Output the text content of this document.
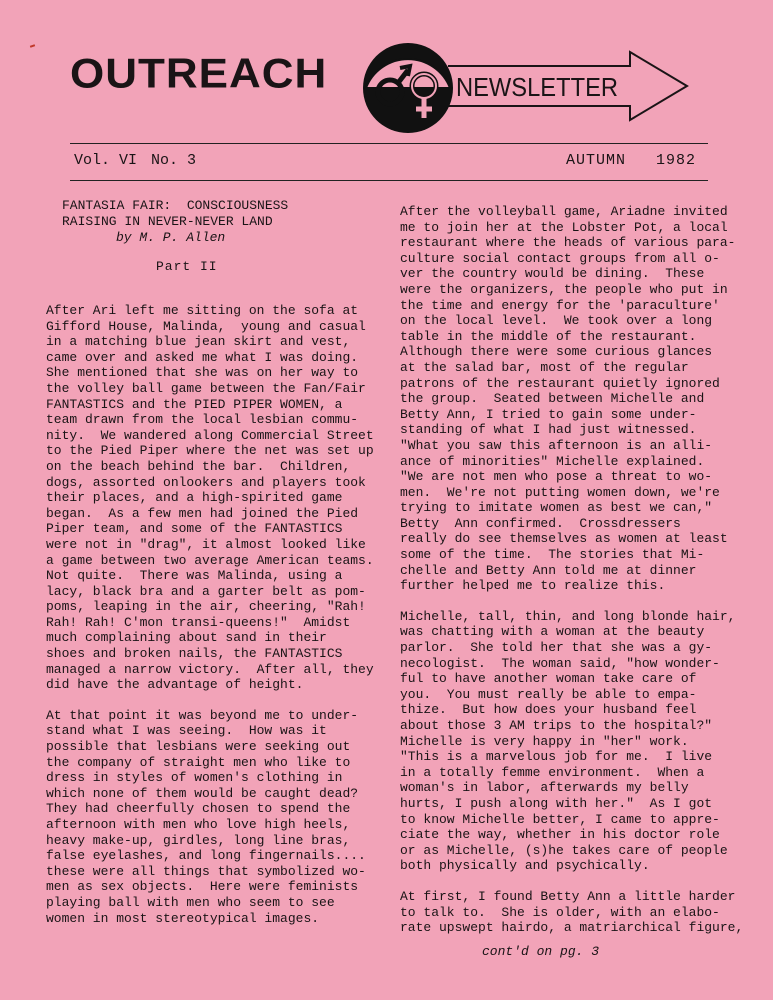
OUTREACH	NEWSLETTER
Vol. VI No. 3	AUTUMN 1982
FANTASIA FAIR:  CONSCIOUSNESS
RAISING IN NEVER-NEVER LAND
by M. P. Allen
Part II
After Ari left me sitting on the sofa at
Gifford House, Malinda,  young and casual
in a matching blue jean skirt and vest,
came over and asked me what I was doing.
She mentioned that she was on her way to
the volley ball game between the Fan/Fair
FANTASTICS and the PIED PIPER WOMEN, a
team drawn from the local lesbian commu-
nity.  We wandered along Commercial Street
to the Pied Piper where the net was set up
on the beach behind the bar.  Children,
dogs, assorted onlookers and players took
their places, and a high-spirited game
began.  As a few men had joined the Pied
Piper team, and some of the FANTASTICS
were not in "drag", it almost looked like
a game between two average American teams.
Not quite.  There was Malinda, using a
lacy, black bra and a garter belt as pom-
poms, leaping in the air, cheering, "Rah!
Rah! Rah! C'mon transi-queens!"  Amidst
much complaining about sand in their
shoes and broken nails, the FANTASTICS
managed a narrow victory.  After all, they
did have the advantage of height.
At that point it was beyond me to under-
stand what I was seeing.  How was it
possible that lesbians were seeking out
the company of straight men who like to
dress in styles of women's clothing in
which none of them would be caught dead?
They had cheerfully chosen to spend the
afternoon with men who love high heels,
heavy make-up, girdles, long line bras,
false eyelashes, and long fingernails....
these were all things that symbolized wo-
men as sex objects.  Here were feminists
playing ball with men who seem to see
women in most stereotypical images.
After the volleyball game, Ariadne invited
me to join her at the Lobster Pot, a local
restaurant where the heads of various para-
culture social contact groups from all o-
ver the country would be dining.  These
were the organizers, the people who put in
the time and energy for the 'paraculture'
on the local level.  We took over a long
table in the middle of the restaurant.
Although there were some curious glances
at the salad bar, most of the regular
patrons of the restaurant quietly ignored
the group.  Seated between Michelle and
Betty Ann, I tried to gain some under-
standing of what I had just witnessed.
"What you saw this afternoon is an alli-
ance of minorities" Michelle explained.
"We are not men who pose a threat to wo-
men.  We're not putting women down, we're
trying to imitate women as best we can,"
Betty  Ann confirmed.  Crossdressers
really do see themselves as women at least
some of the time.  The stories that Mi-
chelle and Betty Ann told me at dinner
further helped me to realize this.
Michelle, tall, thin, and long blonde hair,
was chatting with a woman at the beauty
parlor.  She told her that she was a gy-
necologist.  The woman said, "how wonder-
ful to have another woman take care of
you.  You must really be able to empa-
thize.  But how does your husband feel
about those 3 AM trips to the hospital?"
Michelle is very happy in "her" work.
"This is a marvelous job for me.  I live
in a totally femme environment.  When a
woman's in labor, afterwards my belly
hurts, I push along with her."  As I got
to know Michelle better, I came to appre-
ciate the way, whether in his doctor role
or as Michelle, (s)he takes care of people
both physically and psychically.
At first, I found Betty Ann a little harder
to talk to.  She is older, with an elabo-
rate upswept hairdo, a matriarchical figure,
cont'd on pg. 3
